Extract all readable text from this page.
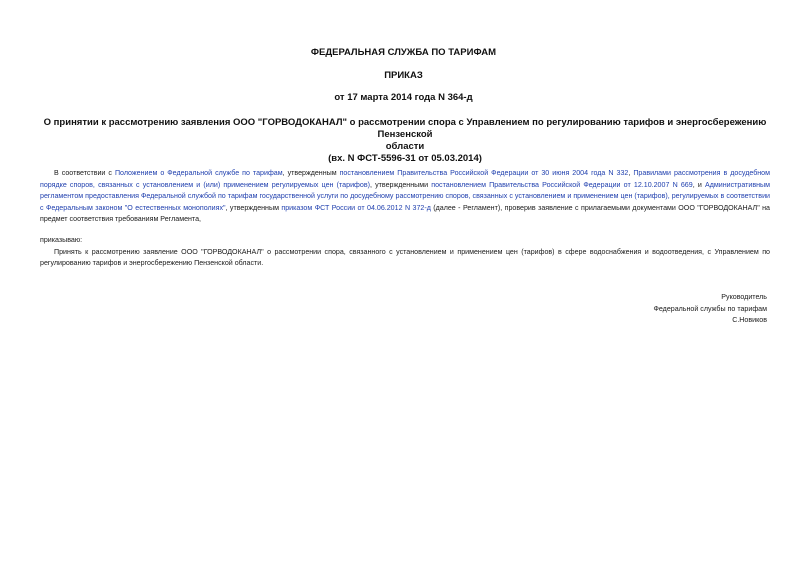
ФЕДЕРАЛЬНАЯ СЛУЖБА ПО ТАРИФАМ
ПРИКАЗ
от 17 марта 2014 года N 364-д
О принятии к рассмотрению заявления ООО "ГОРВОДОКАНАЛ" о рассмотрении спора с Управлением по регулированию тарифов и энергосбережению Пензенской
области
(вх. N ФСТ-5596-31 от 05.03.2014)

В соответствии с Положением о Федеральной службе по тарифам, утвержденным постановлением Правительства Российской Федерации от 30 июня 2004 года N 332, Правилами рассмотрения в досудебном порядке споров, связанных с установлением и (или) применением регулируемых цен (тарифов), утвержденными постановлением Правительства Российской Федерации от 12.10.2007 N 669, и Административным регламентом предоставления Федеральной службой по тарифам государственной услуги по досудебному рассмотрению споров, связанных с установлением и применением цен (тарифов), регулируемых в соответствии с Федеральным законом "О естественных монополиях", утвержденным приказом ФСТ России от 04.06.2012 N 372-д (далее - Регламент), проверив заявление с прилагаемыми документами ООО "ГОРВОДОКАНАЛ" на предмет соответствия требованиям Регламента,

приказываю:

Принять к рассмотрению заявление ООО "ГОРВОДОКАНАЛ" о рассмотрении спора, связанного с установлением и применением цен (тарифов) в сфере водоснабжения и водоотведения, с Управлением по регулированию тарифов и энергосбережению Пензенской области.

Руководитель
Федеральной службы по тарифам
С.Новиков
